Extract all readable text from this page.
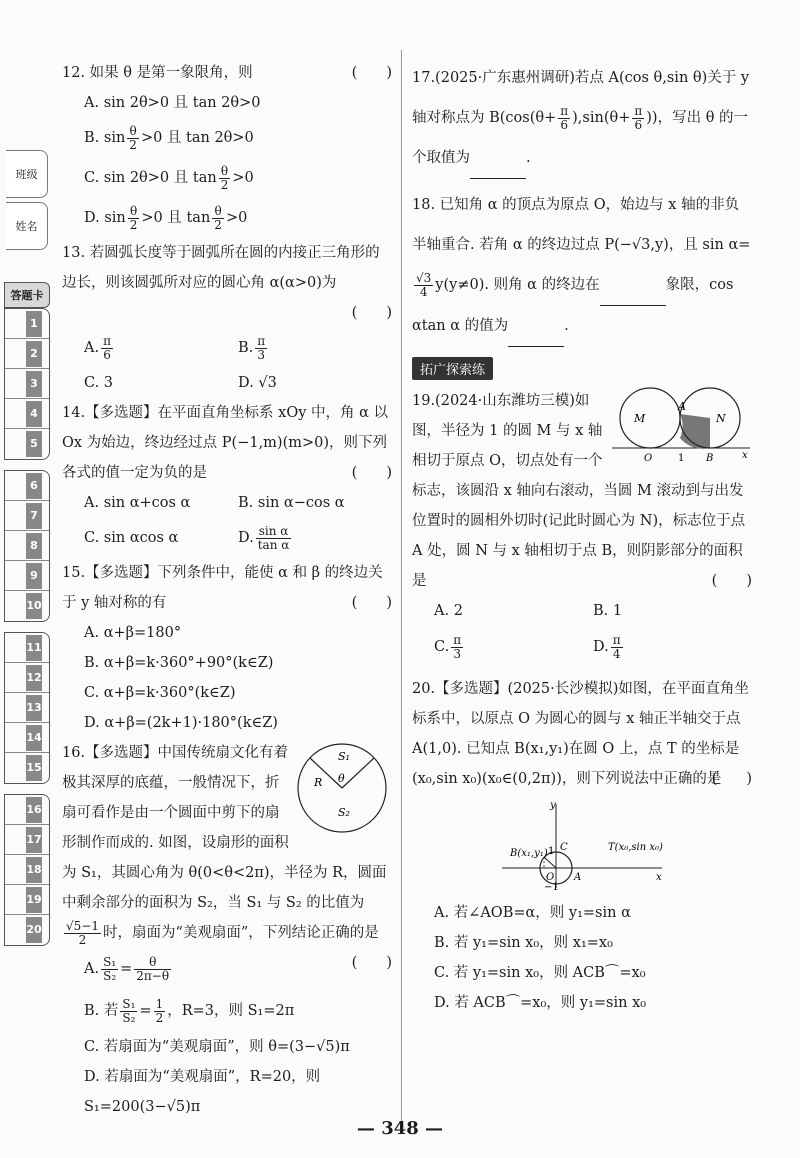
班级
姓名
答题卡
1
2
3
4
5
6
7
8
9
10
11
12
13
14
15
16
17
18
19
20
12. 如果 θ 是第一象限角，则	(　　)
A. sin 2θ>0 且 tan 2θ>0
B. $\sin \frac{\theta}{2} >0$ 且 tan 2θ>0
C. sin 2θ>0 且 $\tan \frac{\theta}{2} >0$
D. $\sin \frac{\theta}{2} >0$ 且 $\tan \frac{\theta}{2} >0$
13. 若圆弧长度等于圆弧所在圆的内接正三角形的边长，则该圆弧所对应的圆心角 α(α>0)为
(　　)
A. $\frac{\pi}{6}$	B. $\frac{\pi}{3}$
C. 3	D. √3
14.【多选题】在平面直角坐标系 xOy 中，角 α 以 Ox 为始边，终边经过点 P(−1,m)(m>0)，则下列各式的值一定为负的是	(　　)
A. sin α+cos α	B. sin α−cos α
C. sin αcos α	D. $\frac{\text{sin α}}{\text{tan α}}$
15.【多选题】下列条件中，能使 α 和 β 的终边关于 y 轴对称的有	(　　)
A. α+β=180°
B. α+β=k·360°+90°(k∈Z)
C. α+β=k·360°(k∈Z)
D. α+β=(2k+1)·180°(k∈Z)
S₁
S₂
R θ
16.【多选题】中国传统扇文化有着极其深厚的底蕴，一般情况下，折扇可看作是由一个圆面中剪下的扇形制作而成的. 如图，设扇形的面积为 S₁，其圆心角为 θ(0<θ<2π)，半径为 R，圆面中剩余部分的面积为 S₂，当 S₁ 与 S₂ 的比值为
$\frac{√5-1}{2}$ 时，扇面为“美观扇面”，下列结论正确的是
(　　)
A. $\frac{\text{S₁}}{\text{S₂}} = \frac{\theta}{2\pi-\theta}$
B. 若 $\frac{\text{S₁}}{\text{S₂}} = \frac{1}{2}$ ，R=3，则 S₁=2π
C. 若扇面为“美观扇面”，则 θ=(3−√5)π
D. 若扇面为“美观扇面”，R=20，则 S₁=200(3−√5)π
17.(2025·广东惠州调研)若点 A(cos θ,sin θ)关于 y 轴对称点为 $B(\cos(\theta+ \frac{\pi}{6} ),\sin(\theta+ \frac{\pi}{6}$ ))，写出 θ 的一个取值为	.
18. 已知角 α 的顶点为原点 O，始边与 x 轴的非负半轴重合. 若角 α 的终边过点 P(−√3,y)，且 sin α=
$\frac{√3}{4} y(y\ne 0)$. 则角 α 的终边在	象限，cos αtan α 的值为	.
拓广探索练
M	N
A
O	1 B	x
19.(2024·山东潍坊三模)如图，半径为 1 的圆 M 与 x 轴相切于原点 O，切点处有一个标志，该圆沿 x 轴向右滚动，当圆 M 滚动到与出发位置时的圆相外切时(记此时圆心为 N)，标志位于点 A 处，圆 N 与 x 轴相切于点 B，则阴影部分的面积是	(　　)
A. 2	B. 1
C. $\frac{\pi}{3}$	D. $\frac{\pi}{4}$
20.【多选题】(2025·长沙模拟)如图，在平面直角坐标系中，以原点 O 为圆心的圆与 x 轴正半轴交于点 A(1,0). 已知点 B(x₁,y₁)在圆 O 上，点 T 的坐标是(x₀,sin x₀)(x₀∈(0,2π))，则下列说法中正确的是
(　　)
B(x₁,y₁)
C	T(x₀,sin x₀)
y
1
O A	x
−1
A. 若∠AOB=α，则 y₁=sin α
B. 若 y₁=sin x₀，则 x₁=x₀
C. 若 y₁=sin x₀，则 ACB⌒=x₀
D. 若 ACB⌒=x₀，则 y₁=sin x₀
— 348 —
